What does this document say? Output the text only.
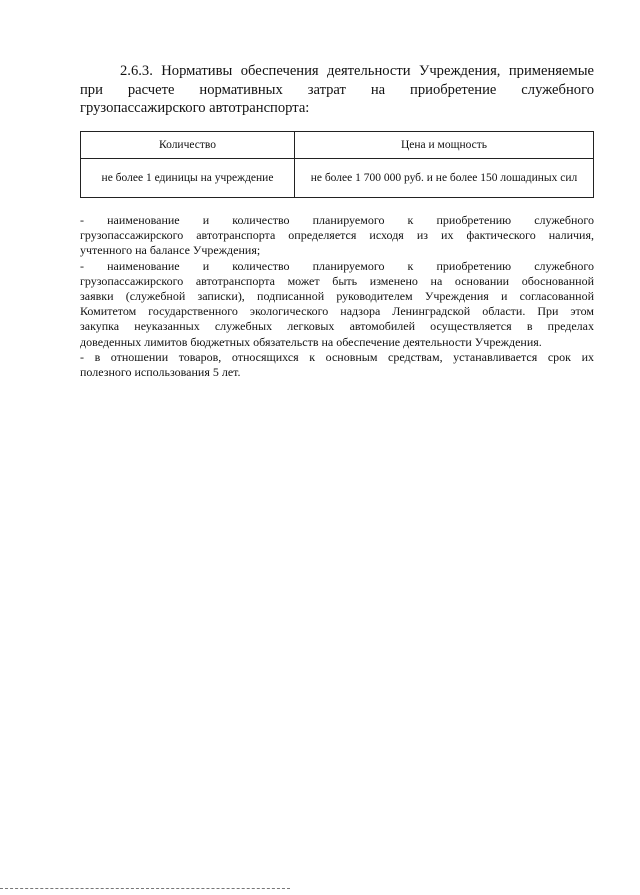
2.6.3. Нормативы обеспечения деятельности Учреждения, применяемые
при расчете нормативных затрат на приобретение служебного
грузопассажирского автотранспорта:
Количество	Цена и мощность
не более 1 единицы на учреждение	не более 1 700 000 руб. и не более 150 лошадиных сил
- наименование и количество планируемого к приобретению служебного
грузопассажирского автотранспорта определяется исходя из их фактического наличия,
учтенного на балансе Учреждения;
- наименование и количество планируемого к приобретению служебного
грузопассажирского автотранспорта может быть изменено на основании обоснованной
заявки (служебной записки), подписанной руководителем Учреждения и согласованной
Комитетом государственного экологического надзора Ленинградской области. При этом
закупка неуказанных служебных легковых автомобилей осуществляется в пределах
доведенных лимитов бюджетных обязательств на обеспечение деятельности Учреждения.
- в отношении товаров, относящихся к основным средствам, устанавливается срок их
полезного использования 5 лет.
